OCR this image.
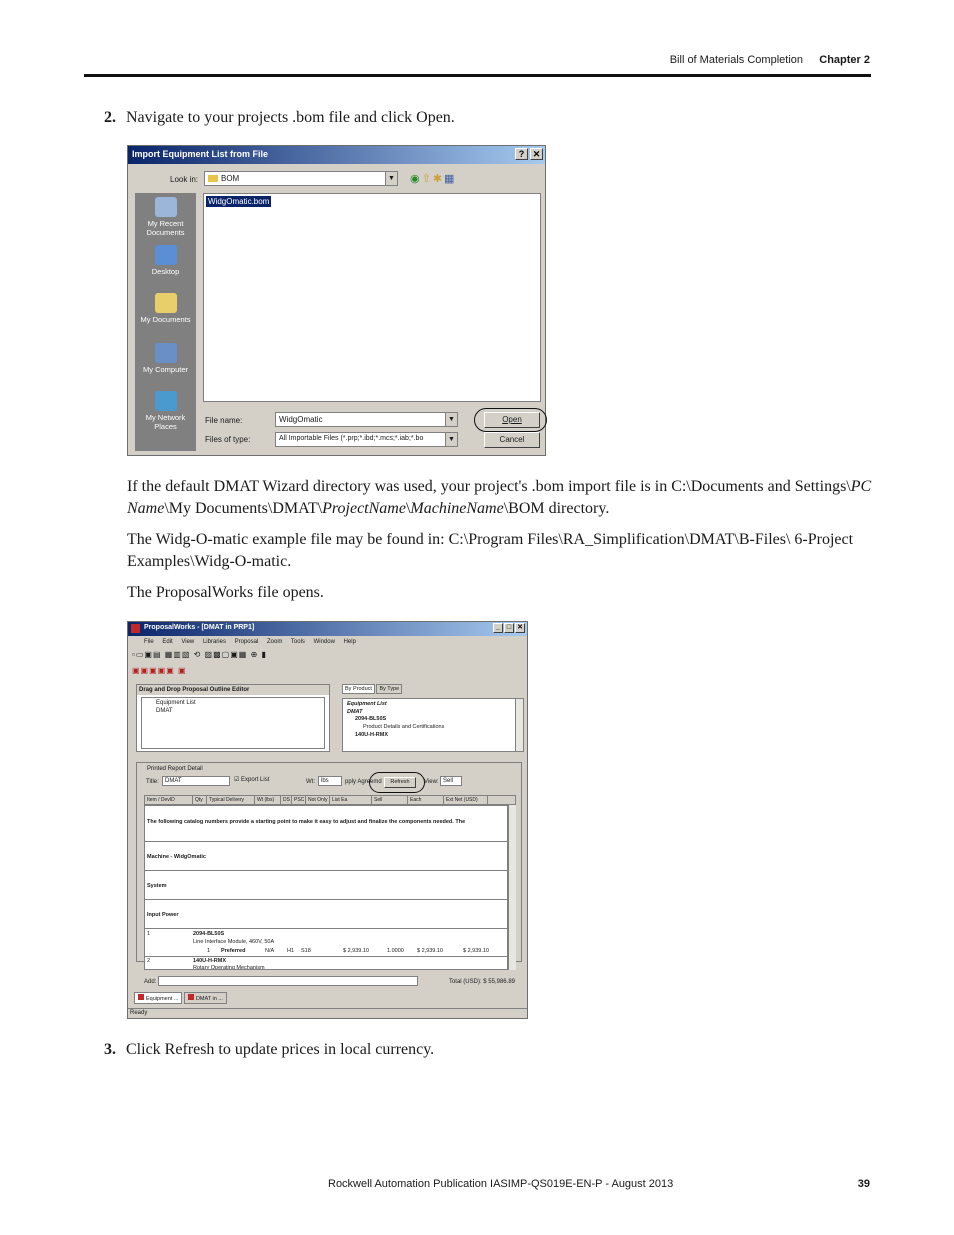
Bill of Materials Completion Chapter 2
2. Navigate to your projects .bom file and click Open.
Import Equipment List from File	? ✕
Look in:	BOM	▼ ◉⇧✱▦
My Recent Documents
Desktop
My Documents
My Computer
My Network Places
WidgOmatic.bom
File name:	WidgOmatic	▼
Files of type:	All Importable Files (*.prp;*.ibd;*.mcs;*.iab;*.bo	▼
Open
Cancel
If the default DMAT Wizard directory was used, your project's .bom import file is in C:\Documents and Settings\PC Name\My Documents\DMAT\ProjectName\MachineName\BOM directory.
The Widg-O-matic example file may be found in: C:\Program Files\RA_Simplification\DMAT\B-Files\ 6-Project Examples\Widg-O-matic.
The ProposalWorks file opens.
ProposalWorks - [DMAT in PRP1]	_ □ ✕
File Edit View Libraries Proposal Zoom Tools Window Help
▫▭▣▤ ▦▥▧ ⟲ ▨▩▢▣▦ ⊕ ▮
▣▣▣▣▣ ▣
Drag and Drop Proposal Outline Editor
Equipment List
DMAT
By Product By Type
Equipment List
DMAT
2094-BL50S
Product Details and Certifications
140U-H-RMX
Printed Report Detail
Title:	DMAT	☑ Export List	Wt:	lbs	pply Agreemd	Refresh	View: Sell
Item / DevID	Qty Typical Delivery	Wt (lbs) DS PSC Not Only List Ea	Sell	Each	Ext Net (USD)
The following catalog numbers provide a starting point to make it easy to adjust and finalize the components needed. The
Machine - WidgOmatic
System
Input Power
1	2094-BL50S
Line Interface Module, 460V, 50A
1 Preferred	N/A H1 S18	$ 2,939.10	1.0000 $ 2,939.10	$ 2,939.10
2	140U-H-RMX
Rotary Operating Mechanism
Add:	Total (USD): $ 55,986.89
Equipment ...	DMAT in ...
Ready
3. Click Refresh to update prices in local currency.
Rockwell Automation Publication IASIMP-QS019E-EN-P - August 2013	39
